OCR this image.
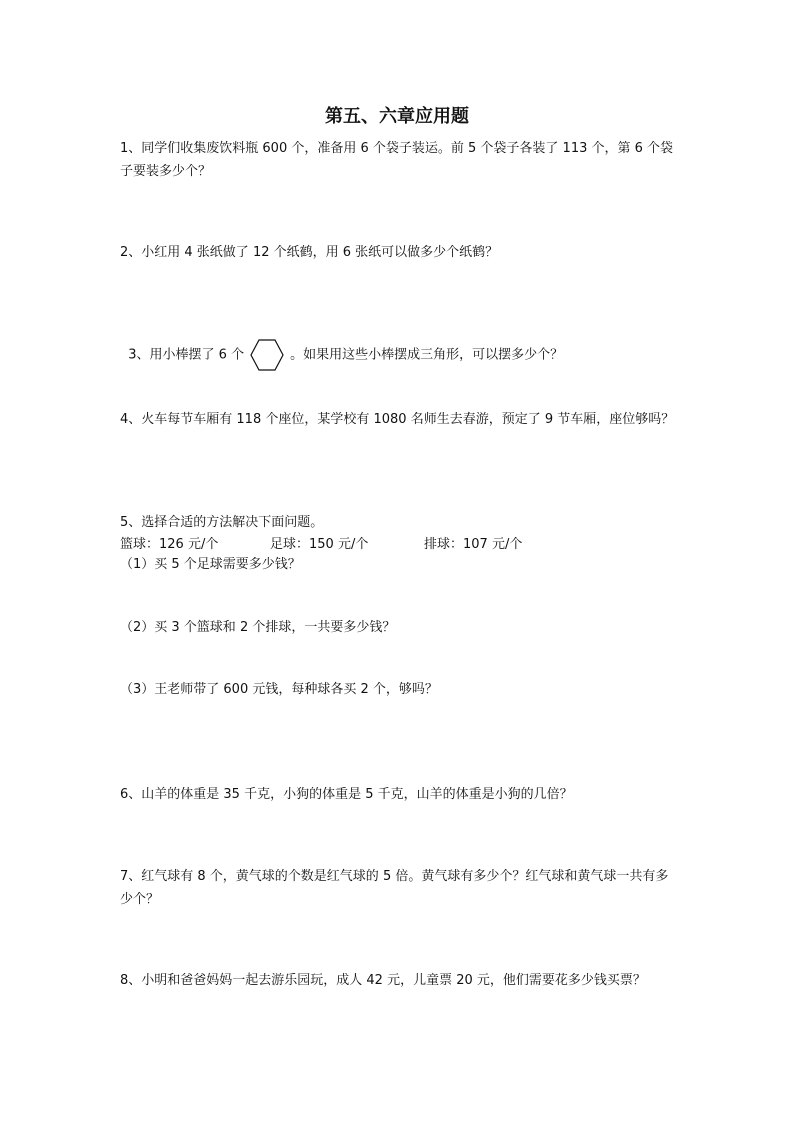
第五、六章应用题
1、同学们收集废饮料瓶 600 个，准备用 6 个袋子装运。前 5 个袋子各装了 113 个，第 6 个袋子要装多少个？
2、小红用 4 张纸做了 12 个纸鹤，用 6 张纸可以做多少个纸鹤？

3、用小棒摆了 6 个	。如果用这些小棒摆成三角形，可以摆多少个？

4、火车每节车厢有 118 个座位，某学校有 1080 名师生去春游，预定了 9 节车厢，座位够吗？
5、选择合适的方法解决下面问题。
篮球：126 元/个	足球：150 元/个	排球：107 元/个
（1）买 5 个足球需要多少钱？
（2）买 3 个篮球和 2 个排球，一共要多少钱？
（3）王老师带了 600 元钱，每种球各买 2 个，够吗？
6、山羊的体重是 35 千克，小狗的体重是 5 千克，山羊的体重是小狗的几倍？
7、红气球有 8 个，黄气球的个数是红气球的 5 倍。黄气球有多少个？红气球和黄气球一共有多少个？
8、小明和爸爸妈妈一起去游乐园玩，成人 42 元，儿童票 20 元，他们需要花多少钱买票？
